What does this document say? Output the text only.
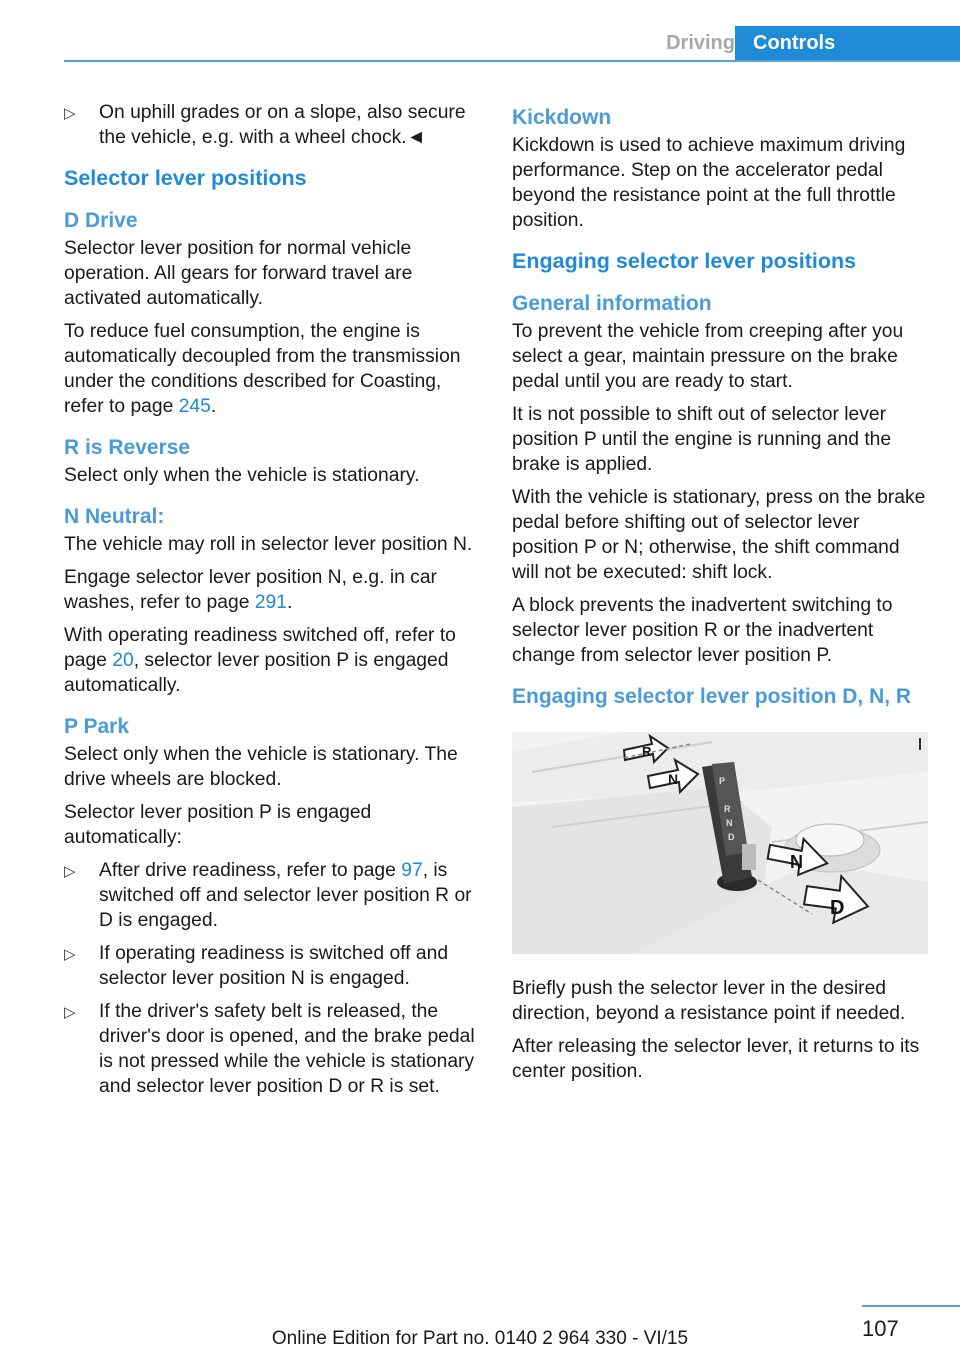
Driving Controls
▷ On uphill grades or on a slope, also secure the vehicle, e.g. with a wheel chock.◄
Selector lever positions
D Drive

Selector lever position for normal vehicle operation. All gears for forward travel are activated automatically.

To reduce fuel consumption, the engine is automatically decoupled from the transmission under the conditions described for Coasting, refer to page 245.

R is Reverse

Select only when the vehicle is stationary.

N Neutral:

The vehicle may roll in selector lever position N.

Engage selector lever position N, e.g. in car washes, refer to page 291.

With operating readiness switched off, refer to page 20, selector lever position P is engaged automatically.

P Park

Select only when the vehicle is stationary. The drive wheels are blocked.

Selector lever position P is engaged automatically:

▷ After drive readiness, refer to page 97, is switched off and selector lever position R or D is engaged.
▷ If operating readiness is switched off and selector lever position N is engaged.
▷ If the driver's safety belt is released, the driver's door is opened, and the brake pedal is not pressed while the vehicle is stationary and selector lever position D or R is set.
Kickdown

Kickdown is used to achieve maximum driving performance. Step on the accelerator pedal beyond the resistance point at the full throttle position.

Engaging selector lever positions
General information

To prevent the vehicle from creeping after you select a gear, maintain pressure on the brake pedal until you are ready to start.

It is not possible to shift out of selector lever position P until the engine is running and the brake is applied.

With the vehicle is stationary, press on the brake pedal before shifting out of selector lever position P or N; otherwise, the shift command will not be executed: shift lock.

A block prevents the inadvertent switching to selector lever position R or the inadvertent change from selector lever position P.

Engaging selector lever position D, N, R
P
R
N
D
R
N
N
D

Briefly push the selector lever in the desired direction, beyond a resistance point if needed.

After releasing the selector lever, it returns to its center position.

107
Online Edition for Part no. 0140 2 964 330 - VI/15
